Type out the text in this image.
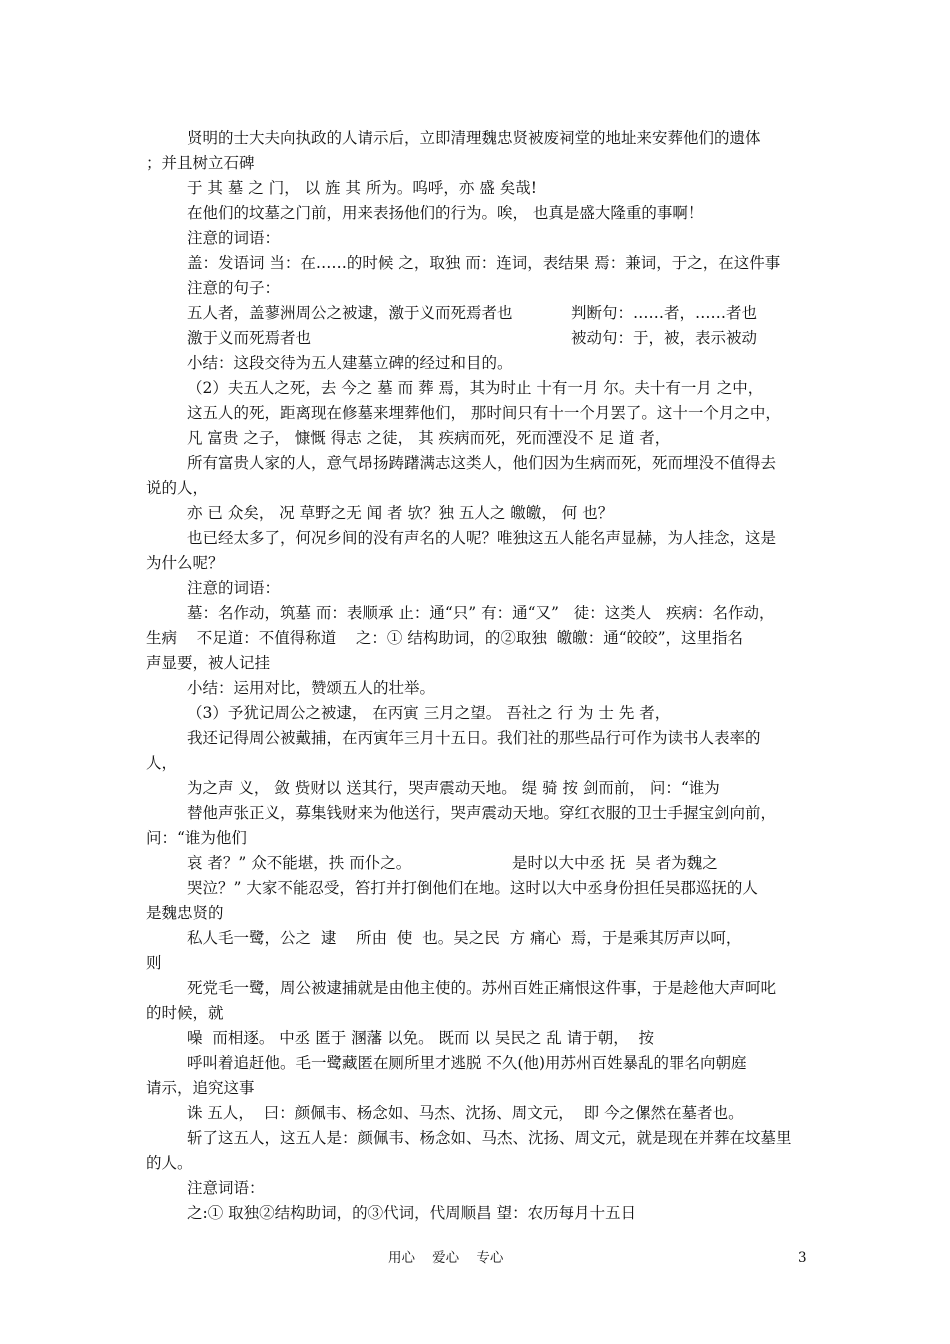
贤明的士大夫向执政的人请示后，立即清理魏忠贤被废祠堂的地址来安葬他们的遗体
；并且树立石碑
于 其 墓 之 门， 以 旌 其 所为。呜呼，亦 盛 矣哉!
在他们的坟墓之门前，用来表扬他们的行为。唉， 也真是盛大隆重的事啊！
注意的词语：
盖：发语词 当：在……的时候 之，取独 而：连词，表结果 焉：兼词，于之，在这件事
注意的句子：
五人者，盖蓼洲周公之被逮，激于义而死焉者也	判断句：……者，……者也
激于义而死焉者也	被动句：于，被，表示被动
小结：这段交待为五人建墓立碑的经过和目的。
（2）夫五人之死，去 今之 墓 而 葬 焉，其为时止 十有一月 尔。夫十有一月 之中，
这五人的死，距离现在修墓来埋葬他们， 那时间只有十一个月罢了。这十一个月之中，
凡 富贵 之子， 慷慨 得志 之徒， 其 疾病而死，死而湮没不 足 道 者，
所有富贵人家的人，意气昂扬踌躇满志这类人，他们因为生病而死，死而埋没不值得去
说的人，
亦 已 众矣， 况 草野之无 闻 者 欤？独 五人之 皦皦， 何 也？
也已经太多了，何况乡间的没有声名的人呢？唯独这五人能名声显赫，为人挂念，这是
为什么呢？
注意的词语：
墓：名作动，筑墓 而：表顺承 止：通“只” 有：通“又”   徒：这类人   疾病：名作动，
生病    不足道：不值得称道    之：① 结构助词，的②取独  皦皦：通“皎皎”，这里指名
声显要，被人记挂
小结：运用对比，赞颂五人的壮举。
（3）予犹记周公之被逮， 在丙寅 三月之望。 吾社之 行 为 士 先 者，
我还记得周公被戴捕，在丙寅年三月十五日。我们社的那些品行可作为读书人表率的
人，
为之声 义， 敛 赀财以 送其行，哭声震动天地。 缇 骑 按 剑而前， 问：“谁为
替他声张正义，募集钱财来为他送行，哭声震动天地。穿红衣服的卫士手握宝剑向前，
问：“谁为他们
哀 者？” 众不能堪，抶 而仆之。	是时以大中丞 抚  吴 者为魏之
哭泣？” 大家不能忍受，笞打并打倒他们在地。这时以大中丞身份担任吴郡巡抚的人
是魏忠贤的
私人毛一鹭，公之  逮    所由  使  也。吴之民  方 痛心  焉，于是乘其厉声以呵，
则
死党毛一鹭，周公被逮捕就是由他主使的。苏州百姓正痛恨这件事，于是趁他大声呵叱
的时候，就
噪  而相逐。 中丞 匿于 溷藩 以免。 既而 以 吴民之 乱 请于朝，  按
呼叫着追赶他。毛一鹭藏匿在厕所里才逃脱 不久(他)用苏州百姓暴乱的罪名向朝庭
请示，追究这事
诛 五人，  曰：颜佩韦、杨念如、马杰、沈扬、周文元，  即 今之傫然在墓者也。
斩了这五人，这五人是：颜佩韦、杨念如、马杰、沈扬、周文元，就是现在并葬在坟墓里
的人。
注意词语：
之:① 取独②结构助词，的③代词，代周顺昌 望：农历每月十五日
用心    爱心    专心	3
